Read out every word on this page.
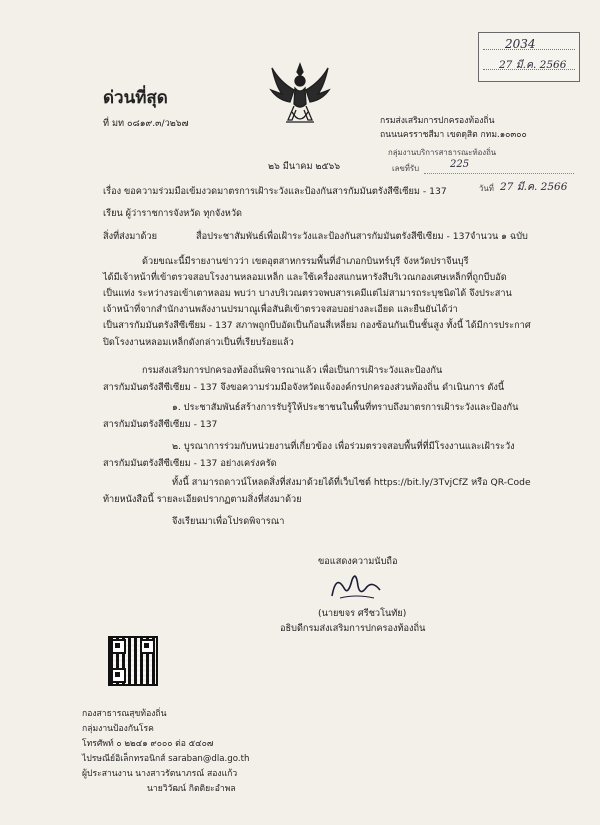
2034
27 มี.ค. 2566
ด่วนที่สุด
ที่ มท ๐๘๑๙.๓/ว๒๖๗	กรมส่งเสริมการปกครองท้องถิ่น
ถนนนครราชสีมา เขตดุสิต กทม.๑๐๓๐๐
กลุ่มงานบริการสาธารณะท้องถิ่น
เลขที่รับ	225
วันที่ 27 มี.ค. 2566
๒๖ มีนาคม ๒๕๖๖
เรื่อง ขอความร่วมมือเข้มงวดมาตรการเฝ้าระวังและป้องกันสารกัมมันตรังสีซีเซียม - 137
เรียน ผู้ว่าราชการจังหวัด ทุกจังหวัด
สิ่งที่ส่งมาด้วย	สื่อประชาสัมพันธ์เพื่อเฝ้าระวังและป้องกันสารกัมมันตรังสีซีเซียม - 137 จำนวน ๑ ฉบับ
ด้วยขณะนี้มีรายงานข่าวว่า เขตอุตสาหกรรมพื้นที่อำเภอกบินทร์บุรี จังหวัดปราจีนบุรี
ได้มีเจ้าหน้าที่เข้าตรวจสอบโรงงานหลอมเหล็ก และใช้เครื่องสแกนหารังสีบริเวณกองเศษเหล็กที่ถูกบีบอัด
เป็นแท่ง ระหว่างรอเข้าเตาหลอม พบว่า บางบริเวณตรวจพบสารเคมีแต่ไม่สามารถระบุชนิดได้ จึงประสาน
เจ้าหน้าที่จากสำนักงานพลังงานปรมาณูเพื่อสันติเข้าตรวจสอบอย่างละเอียด และยืนยันได้ว่า
เป็นสารกัมมันตรังสีซีเซียม - 137 สภาพถูกบีบอัดเป็นก้อนสี่เหลี่ยม กองซ้อนกันเป็นชั้นสูง ทั้งนี้ ได้มีการประกาศ
ปิดโรงงานหลอมเหล็กดังกล่าวเป็นที่เรียบร้อยแล้ว
กรมส่งเสริมการปกครองท้องถิ่นพิจารณาแล้ว เพื่อเป็นการเฝ้าระวังและป้องกัน
สารกัมมันตรังสีซีเซียม - 137 จึงขอความร่วมมือจังหวัดแจ้งองค์กรปกครองส่วนท้องถิ่น ดำเนินการ ดังนี้
๑. ประชาสัมพันธ์สร้างการรับรู้ให้ประชาชนในพื้นที่ทราบถึงมาตรการเฝ้าระวังและป้องกัน
สารกัมมันตรังสีซีเซียม - 137
๒. บูรณาการร่วมกับหน่วยงานที่เกี่ยวข้อง เพื่อร่วมตรวจสอบพื้นที่ที่มีโรงงานและเฝ้าระวัง
สารกัมมันตรังสีซีเซียม - 137 อย่างเคร่งครัด
ทั้งนี้ สามารถดาวน์โหลดสิ่งที่ส่งมาด้วยได้ที่เว็บไซต์ https://bit.ly/3TvjCfZ หรือ QR-Code
ท้ายหนังสือนี้ รายละเอียดปรากฏตามสิ่งที่ส่งมาด้วย
จึงเรียนมาเพื่อโปรดพิจารณา
ขอแสดงความนับถือ
(นายขจร ศรีชวโนทัย)
อธิบดีกรมส่งเสริมการปกครองท้องถิ่น
กองสาธารณสุขท้องถิ่น
กลุ่มงานป้องกันโรค
โทรศัพท์ ๐ ๒๒๔๑ ๙๐๐๐ ต่อ ๕๔๐๗
ไปรษณีย์อิเล็กทรอนิกส์ saraban@dla.go.th
ผู้ประสานงาน นางสาวรัตนาภรณ์ สองแก้ว
นายวิวัฒน์ กิตติยะอำพล
